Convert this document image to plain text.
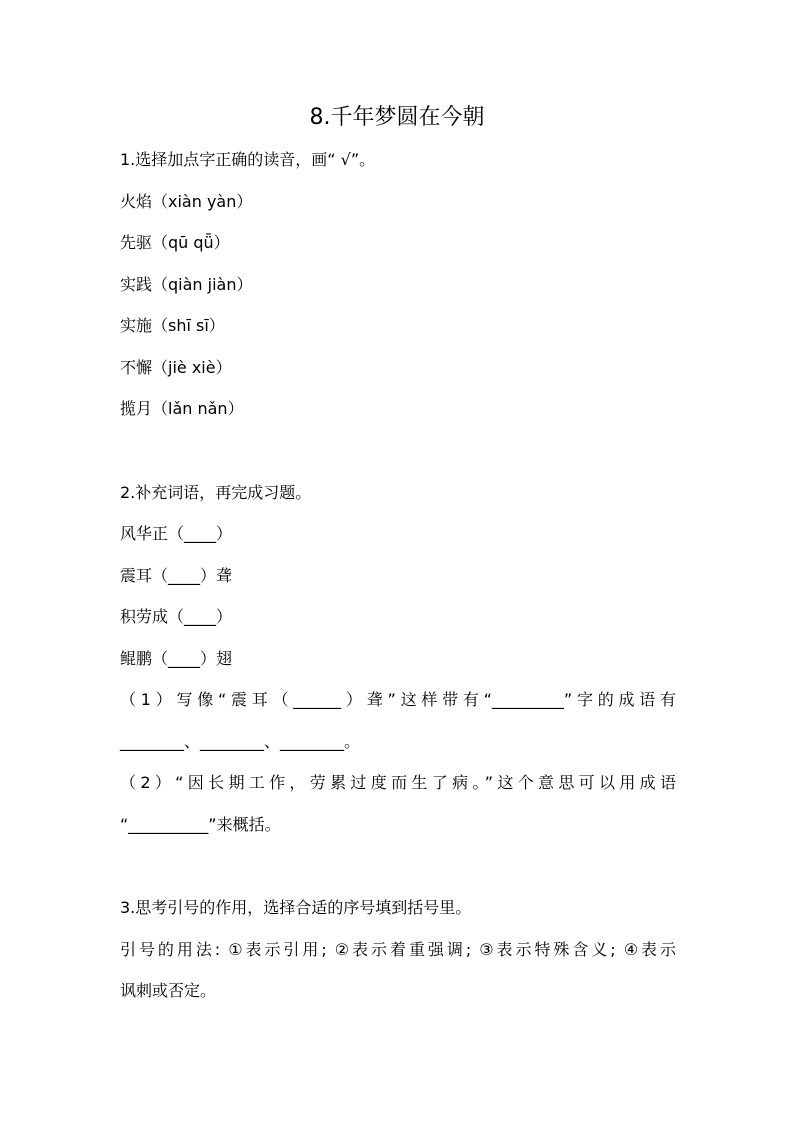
8.千年梦圆在今朝
1.选择加点字正确的读音，画“ √”。
火焰（xiàn yàn）
先驱（qū qǖ）
实践（qiàn jiàn）
实施（shī sī）
不懈（jiè xiè）
揽月（lǎn nǎn）
2.补充词语，再完成习题。
风华正（____）
震耳（____）聋
积劳成（____）
鲲鹏（____）翅
（1）写像“震耳（______）聋”这样带有“_________”字的成语有
________、________、________。
（2）“因长期工作，劳累过度而生了病。”这个意思可以用成语
“__________”来概括。
3.思考引号的作用，选择合适的序号填到括号里。
引号的用法: ①表示引用; ②表示着重强调; ③表示特殊含义; ④表示
讽刺或否定。
